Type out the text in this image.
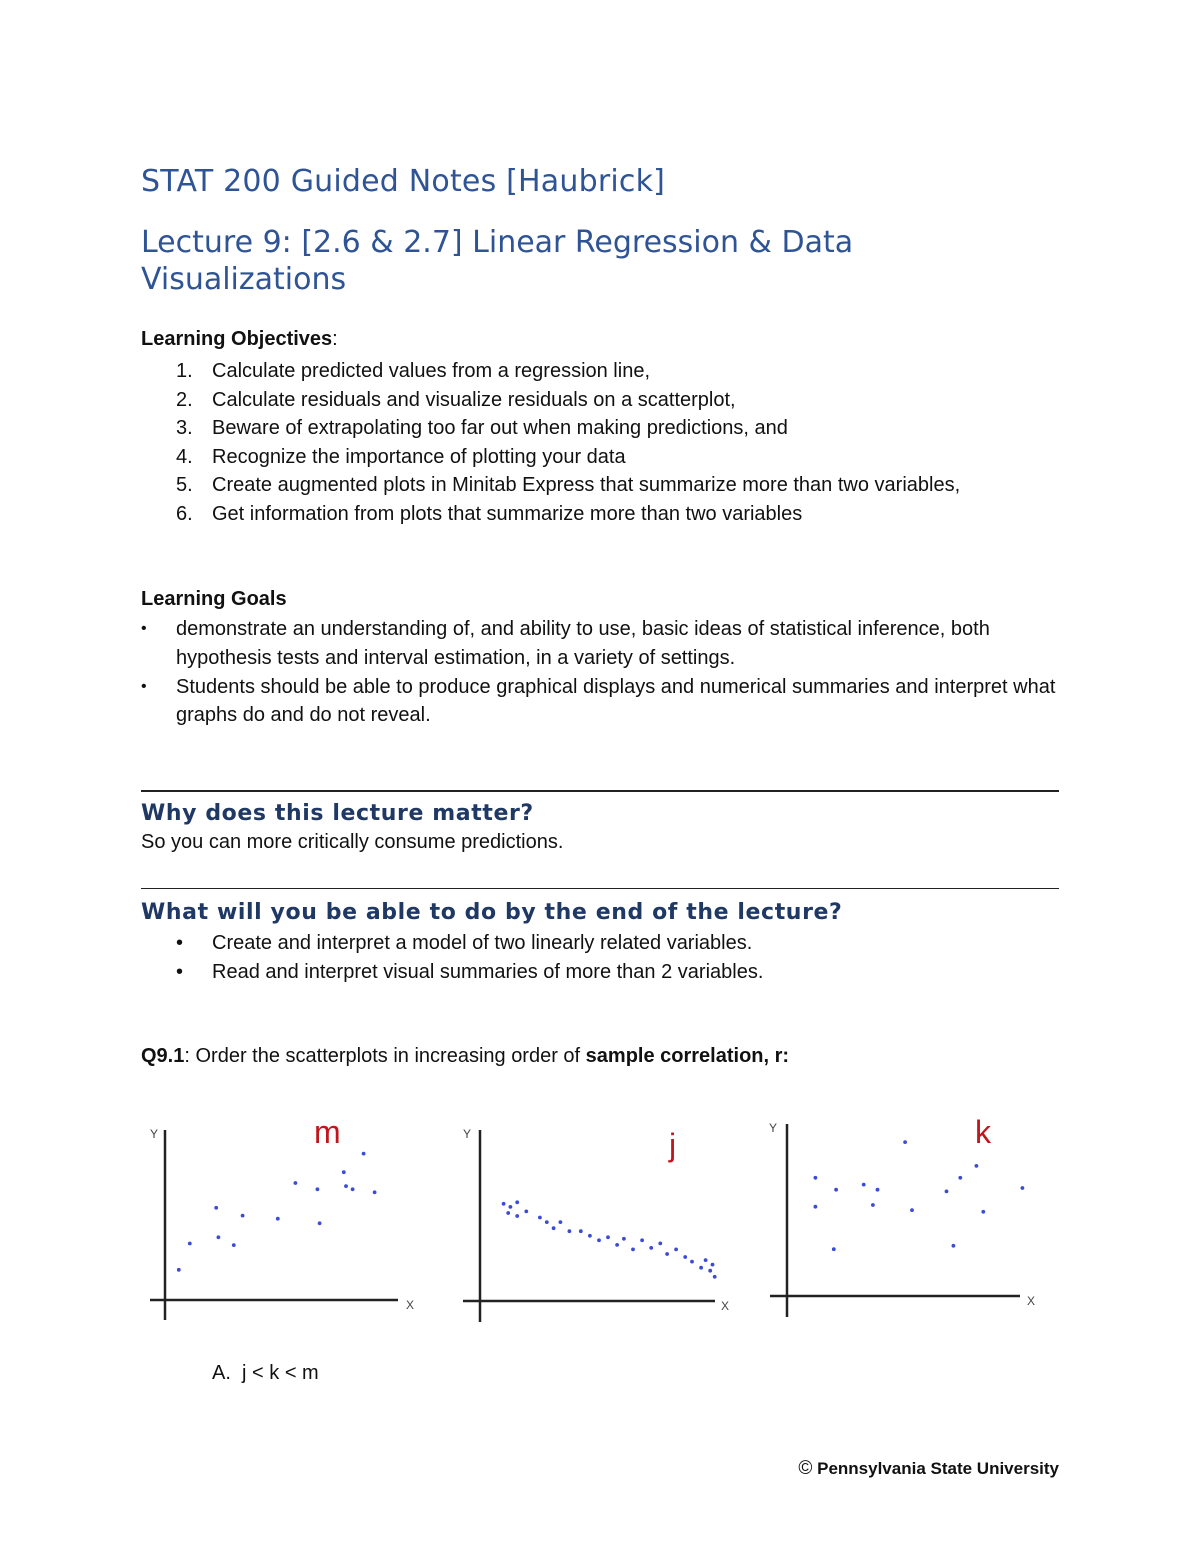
STAT 200 Guided Notes [Haubrick]
Lecture 9: [2.6 & 2.7] Linear Regression & Data Visualizations
Learning Objectives:
1. Calculate predicted values from a regression line,
2. Calculate residuals and visualize residuals on a scatterplot,
3. Beware of extrapolating too far out when making predictions, and
4. Recognize the importance of plotting your data
5. Create augmented plots in Minitab Express that summarize more than two variables,
6. Get information from plots that summarize more than two variables
Learning Goals
• demonstrate an understanding of, and ability to use, basic ideas of statistical inference, both hypothesis tests and interval estimation, in a variety of settings.
• Students should be able to produce graphical displays and numerical summaries and interpret what graphs do and do not reveal.
Why does this lecture matter?
So you can more critically consume predictions.
What will you be able to do by the end of the lecture?
• Create and interpret a model of two linearly related variables.
• Read and interpret visual summaries of more than 2 variables.
Q9.1: Order the scatterplots in increasing order of sample correlation, r:
Y
X
m	Y
X
j	Y
X
k
A. j < k < m
© Pennsylvania State University
